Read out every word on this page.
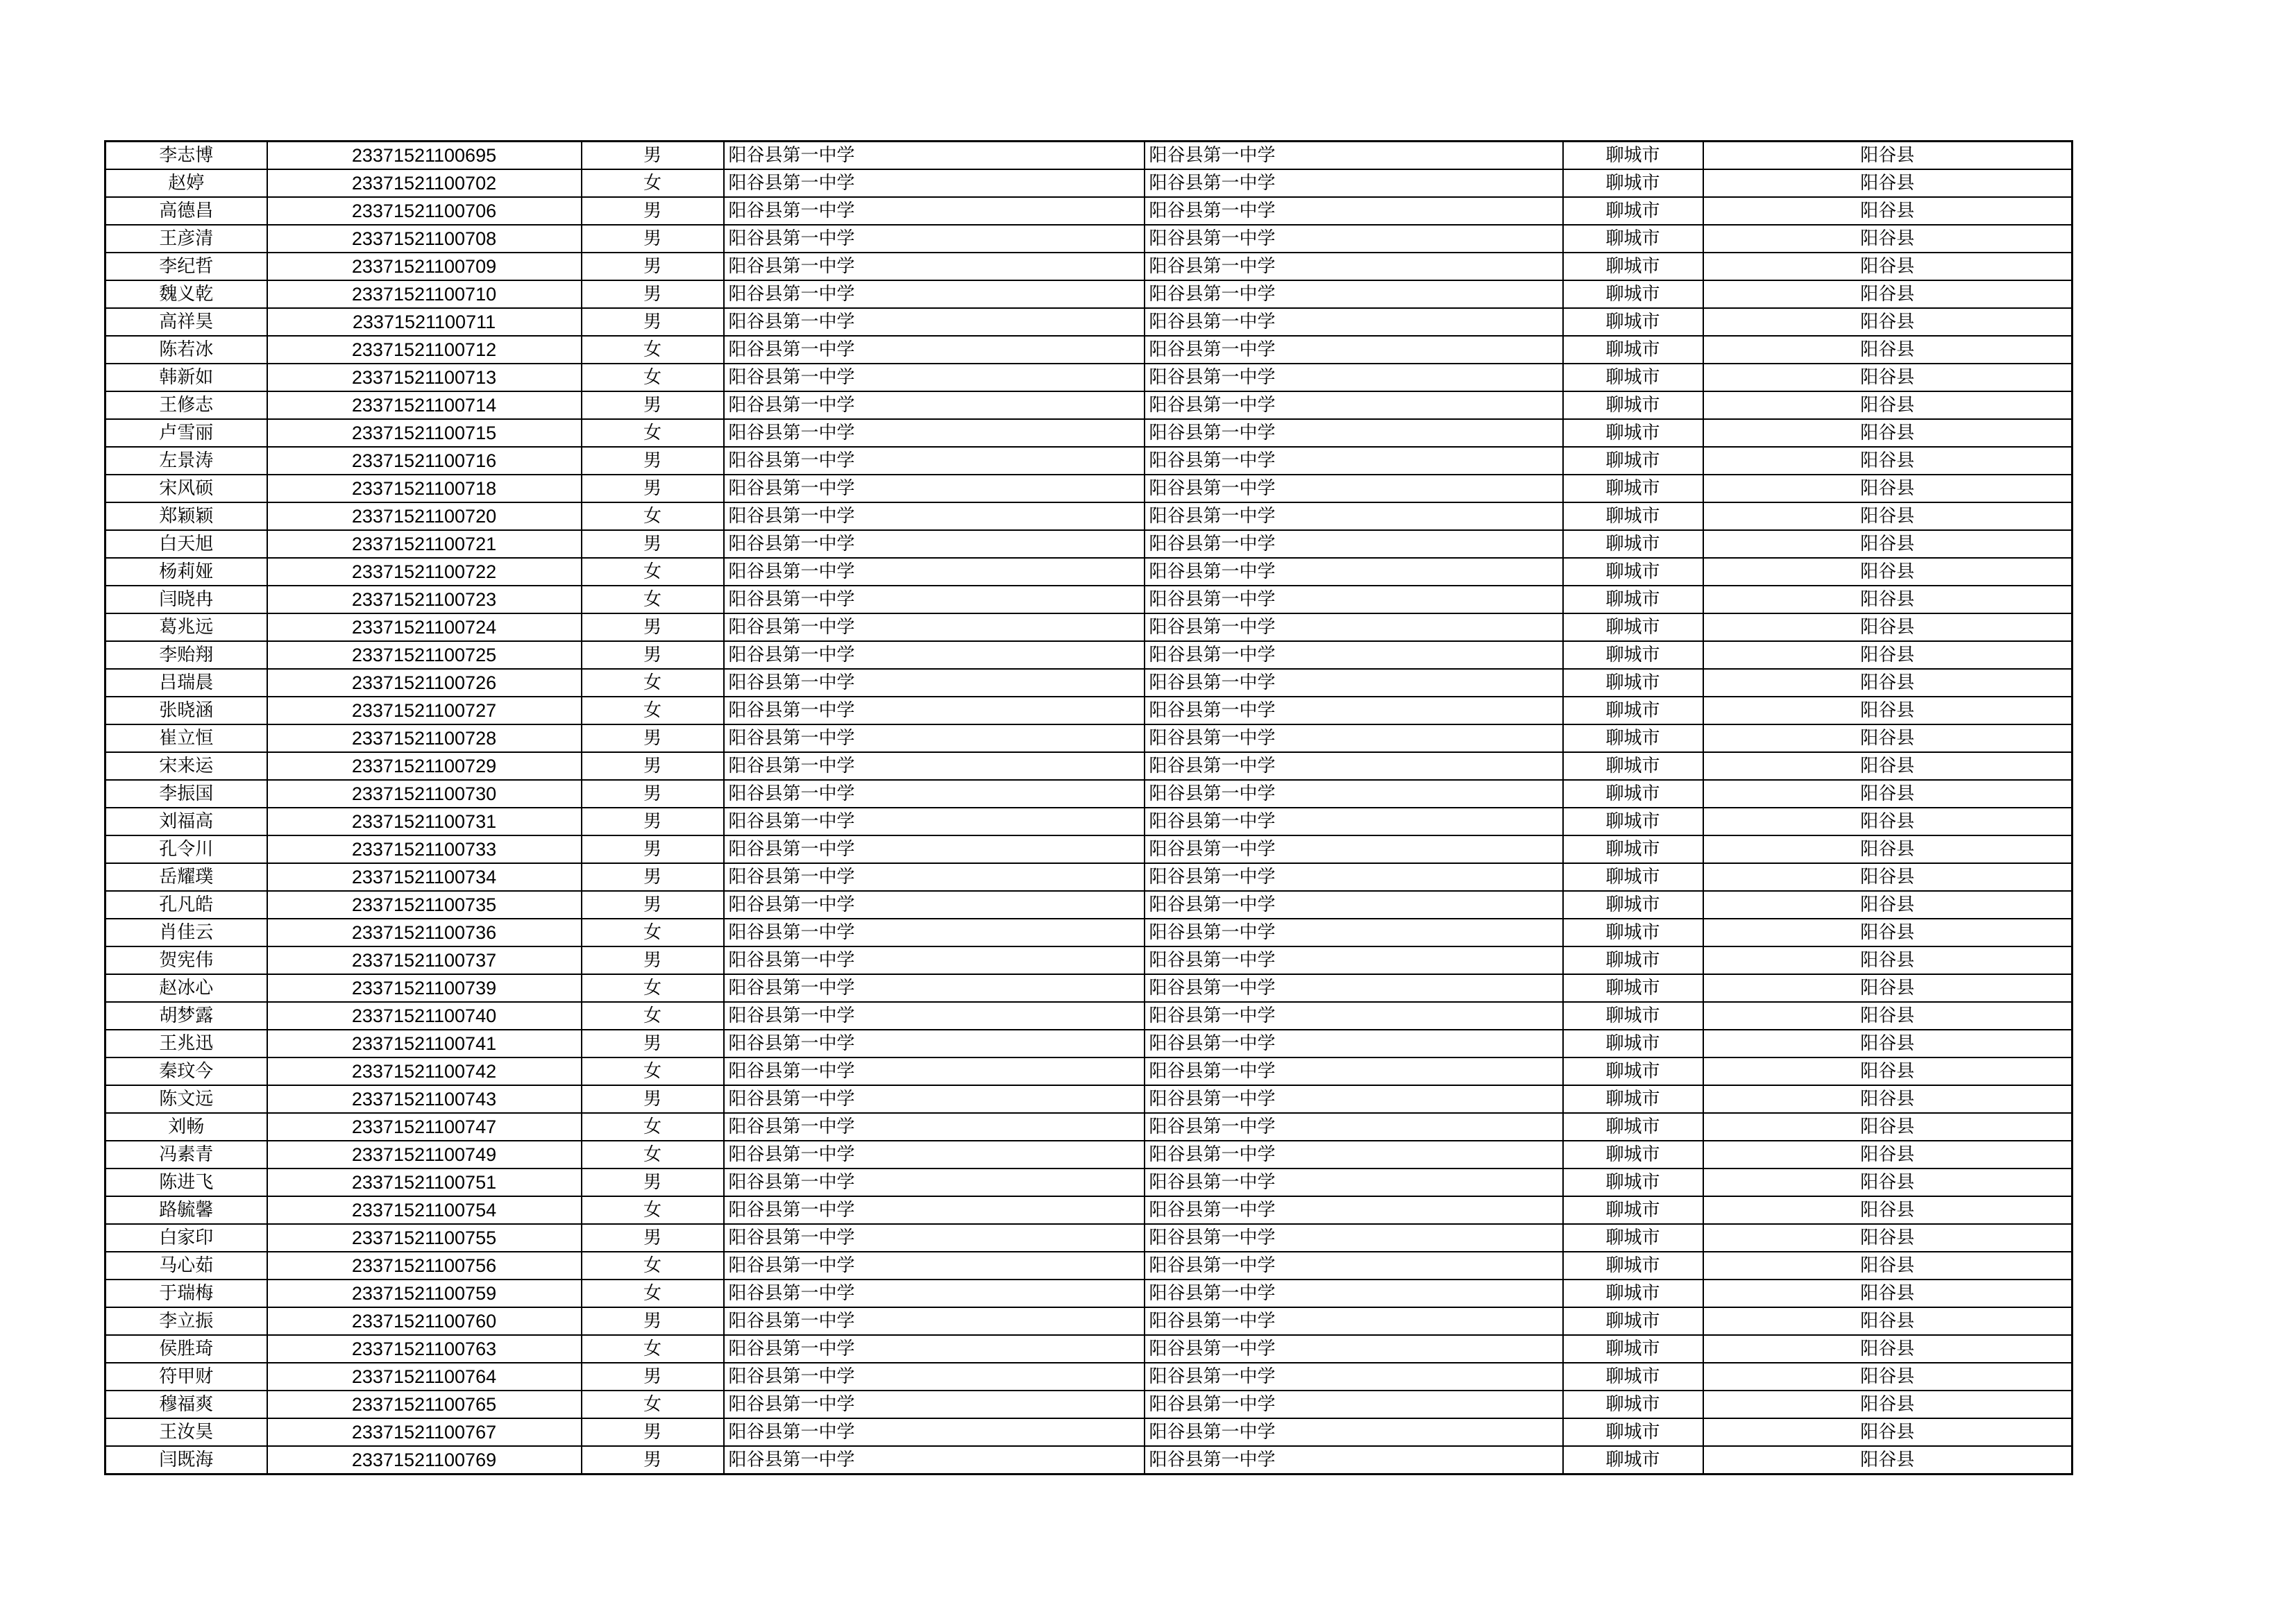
李志博	23371521100695	男	阳谷县第一中学	阳谷县第一中学	聊城市	阳谷县
赵婷	23371521100702	女	阳谷县第一中学	阳谷县第一中学	聊城市	阳谷县
高德昌	23371521100706	男	阳谷县第一中学	阳谷县第一中学	聊城市	阳谷县
王彦清	23371521100708	男	阳谷县第一中学	阳谷县第一中学	聊城市	阳谷县
李纪哲	23371521100709	男	阳谷县第一中学	阳谷县第一中学	聊城市	阳谷县
魏义乾	23371521100710	男	阳谷县第一中学	阳谷县第一中学	聊城市	阳谷县
高祥昊	23371521100711	男	阳谷县第一中学	阳谷县第一中学	聊城市	阳谷县
陈若冰	23371521100712	女	阳谷县第一中学	阳谷县第一中学	聊城市	阳谷县
韩新如	23371521100713	女	阳谷县第一中学	阳谷县第一中学	聊城市	阳谷县
王修志	23371521100714	男	阳谷县第一中学	阳谷县第一中学	聊城市	阳谷县
卢雪丽	23371521100715	女	阳谷县第一中学	阳谷县第一中学	聊城市	阳谷县
左景涛	23371521100716	男	阳谷县第一中学	阳谷县第一中学	聊城市	阳谷县
宋风硕	23371521100718	男	阳谷县第一中学	阳谷县第一中学	聊城市	阳谷县
郑颖颖	23371521100720	女	阳谷县第一中学	阳谷县第一中学	聊城市	阳谷县
白天旭	23371521100721	男	阳谷县第一中学	阳谷县第一中学	聊城市	阳谷县
杨莉娅	23371521100722	女	阳谷县第一中学	阳谷县第一中学	聊城市	阳谷县
闫晓冉	23371521100723	女	阳谷县第一中学	阳谷县第一中学	聊城市	阳谷县
葛兆远	23371521100724	男	阳谷县第一中学	阳谷县第一中学	聊城市	阳谷县
李贻翔	23371521100725	男	阳谷县第一中学	阳谷县第一中学	聊城市	阳谷县
吕瑞晨	23371521100726	女	阳谷县第一中学	阳谷县第一中学	聊城市	阳谷县
张晓涵	23371521100727	女	阳谷县第一中学	阳谷县第一中学	聊城市	阳谷县
崔立恒	23371521100728	男	阳谷县第一中学	阳谷县第一中学	聊城市	阳谷县
宋来运	23371521100729	男	阳谷县第一中学	阳谷县第一中学	聊城市	阳谷县
李振国	23371521100730	男	阳谷县第一中学	阳谷县第一中学	聊城市	阳谷县
刘福高	23371521100731	男	阳谷县第一中学	阳谷县第一中学	聊城市	阳谷县
孔令川	23371521100733	男	阳谷县第一中学	阳谷县第一中学	聊城市	阳谷县
岳耀璞	23371521100734	男	阳谷县第一中学	阳谷县第一中学	聊城市	阳谷县
孔凡皓	23371521100735	男	阳谷县第一中学	阳谷县第一中学	聊城市	阳谷县
肖佳云	23371521100736	女	阳谷县第一中学	阳谷县第一中学	聊城市	阳谷县
贺宪伟	23371521100737	男	阳谷县第一中学	阳谷县第一中学	聊城市	阳谷县
赵冰心	23371521100739	女	阳谷县第一中学	阳谷县第一中学	聊城市	阳谷县
胡梦露	23371521100740	女	阳谷县第一中学	阳谷县第一中学	聊城市	阳谷县
王兆迅	23371521100741	男	阳谷县第一中学	阳谷县第一中学	聊城市	阳谷县
秦玟今	23371521100742	女	阳谷县第一中学	阳谷县第一中学	聊城市	阳谷县
陈文远	23371521100743	男	阳谷县第一中学	阳谷县第一中学	聊城市	阳谷县
刘畅	23371521100747	女	阳谷县第一中学	阳谷县第一中学	聊城市	阳谷县
冯素青	23371521100749	女	阳谷县第一中学	阳谷县第一中学	聊城市	阳谷县
陈进飞	23371521100751	男	阳谷县第一中学	阳谷县第一中学	聊城市	阳谷县
路毓馨	23371521100754	女	阳谷县第一中学	阳谷县第一中学	聊城市	阳谷县
白家印	23371521100755	男	阳谷县第一中学	阳谷县第一中学	聊城市	阳谷县
马心茹	23371521100756	女	阳谷县第一中学	阳谷县第一中学	聊城市	阳谷县
于瑞梅	23371521100759	女	阳谷县第一中学	阳谷县第一中学	聊城市	阳谷县
李立振	23371521100760	男	阳谷县第一中学	阳谷县第一中学	聊城市	阳谷县
侯胜琦	23371521100763	女	阳谷县第一中学	阳谷县第一中学	聊城市	阳谷县
符甲财	23371521100764	男	阳谷县第一中学	阳谷县第一中学	聊城市	阳谷县
穆福爽	23371521100765	女	阳谷县第一中学	阳谷县第一中学	聊城市	阳谷县
王汝昊	23371521100767	男	阳谷县第一中学	阳谷县第一中学	聊城市	阳谷县
闫既海	23371521100769	男	阳谷县第一中学	阳谷县第一中学	聊城市	阳谷县
